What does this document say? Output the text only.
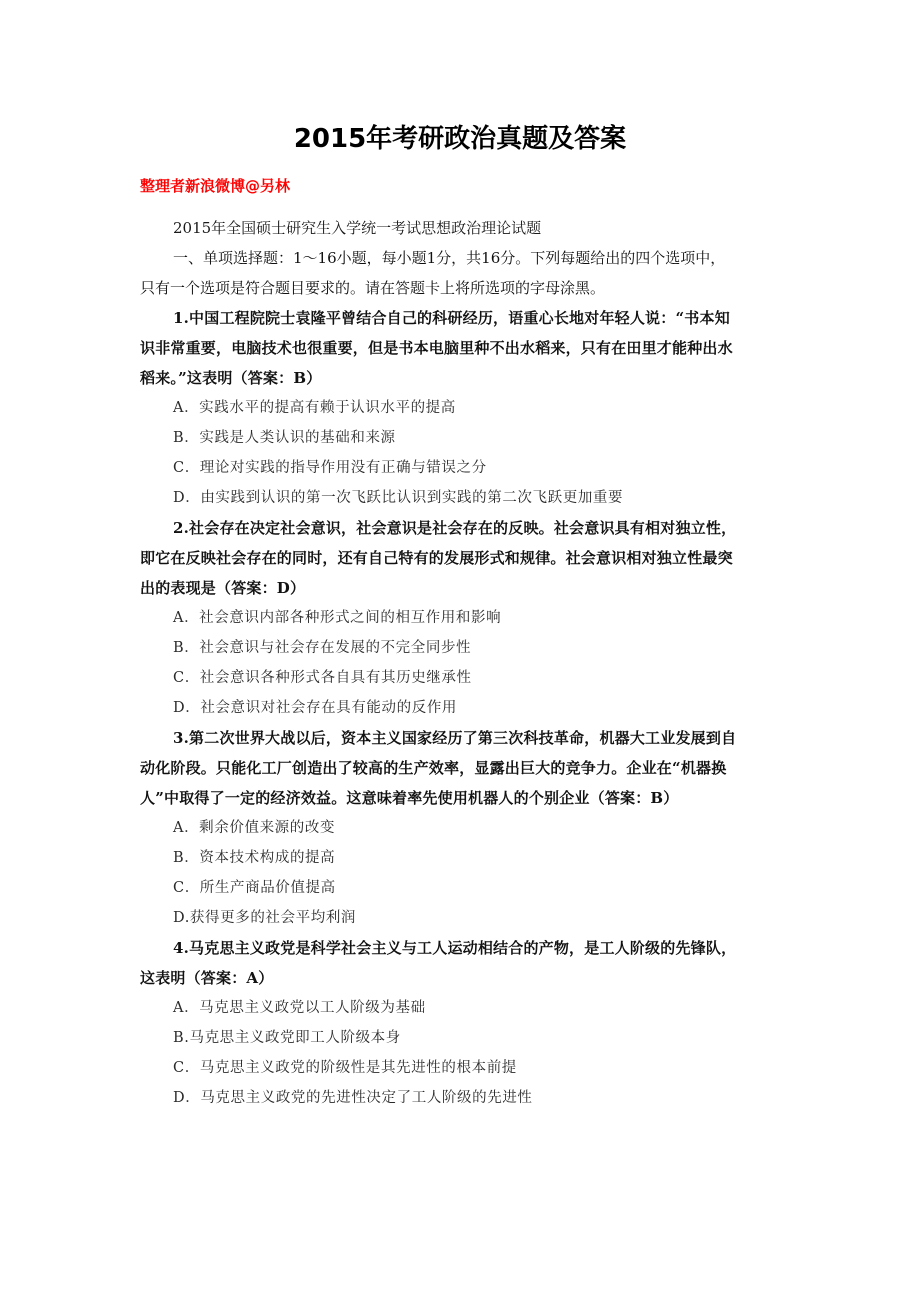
2015年考研政治真题及答案
整理者新浪微博@另林
2015年全国硕士研究生入学统一考试思想政治理论试题
一、单项选择题：1～16小题，每小题1分，共16分。下列每题给出的四个选项中，
只有一个选项是符合题目要求的。请在答题卡上将所选项的字母涂黑。
1.中国工程院院士袁隆平曾结合自己的科研经历，语重心长地对年轻人说：“书本知
识非常重要，电脑技术也很重要，但是书本电脑里种不出水稻来，只有在田里才能种出水
稻来。”这表明（答案：B）
A．实践水平的提高有赖于认识水平的提高
B．实践是人类认识的基础和来源
C．理论对实践的指导作用没有正确与错误之分
D．由实践到认识的第一次飞跃比认识到实践的第二次飞跃更加重要
2.社会存在决定社会意识，社会意识是社会存在的反映。社会意识具有相对独立性，
即它在反映社会存在的同时，还有自己特有的发展形式和规律。社会意识相对独立性最突
出的表现是（答案：D）
A．社会意识内部各种形式之间的相互作用和影响
B．社会意识与社会存在发展的不完全同步性
C．社会意识各种形式各自具有其历史继承性
D．社会意识对社会存在具有能动的反作用
3.第二次世界大战以后，资本主义国家经历了第三次科技革命，机器大工业发展到自
动化阶段。只能化工厂创造出了较高的生产效率，显露出巨大的竞争力。企业在“机器换
人”中取得了一定的经济效益。这意味着率先使用机器人的个别企业（答案：B）
A．剩余价值来源的改变
B．资本技术构成的提高
C．所生产商品价值提高
D.获得更多的社会平均利润
4.马克思主义政党是科学社会主义与工人运动相结合的产物，是工人阶级的先锋队，
这表明（答案：A）
A．马克思主义政党以工人阶级为基础
B.马克思主义政党即工人阶级本身
C．马克思主义政党的阶级性是其先进性的根本前提
D．马克思主义政党的先进性决定了工人阶级的先进性
